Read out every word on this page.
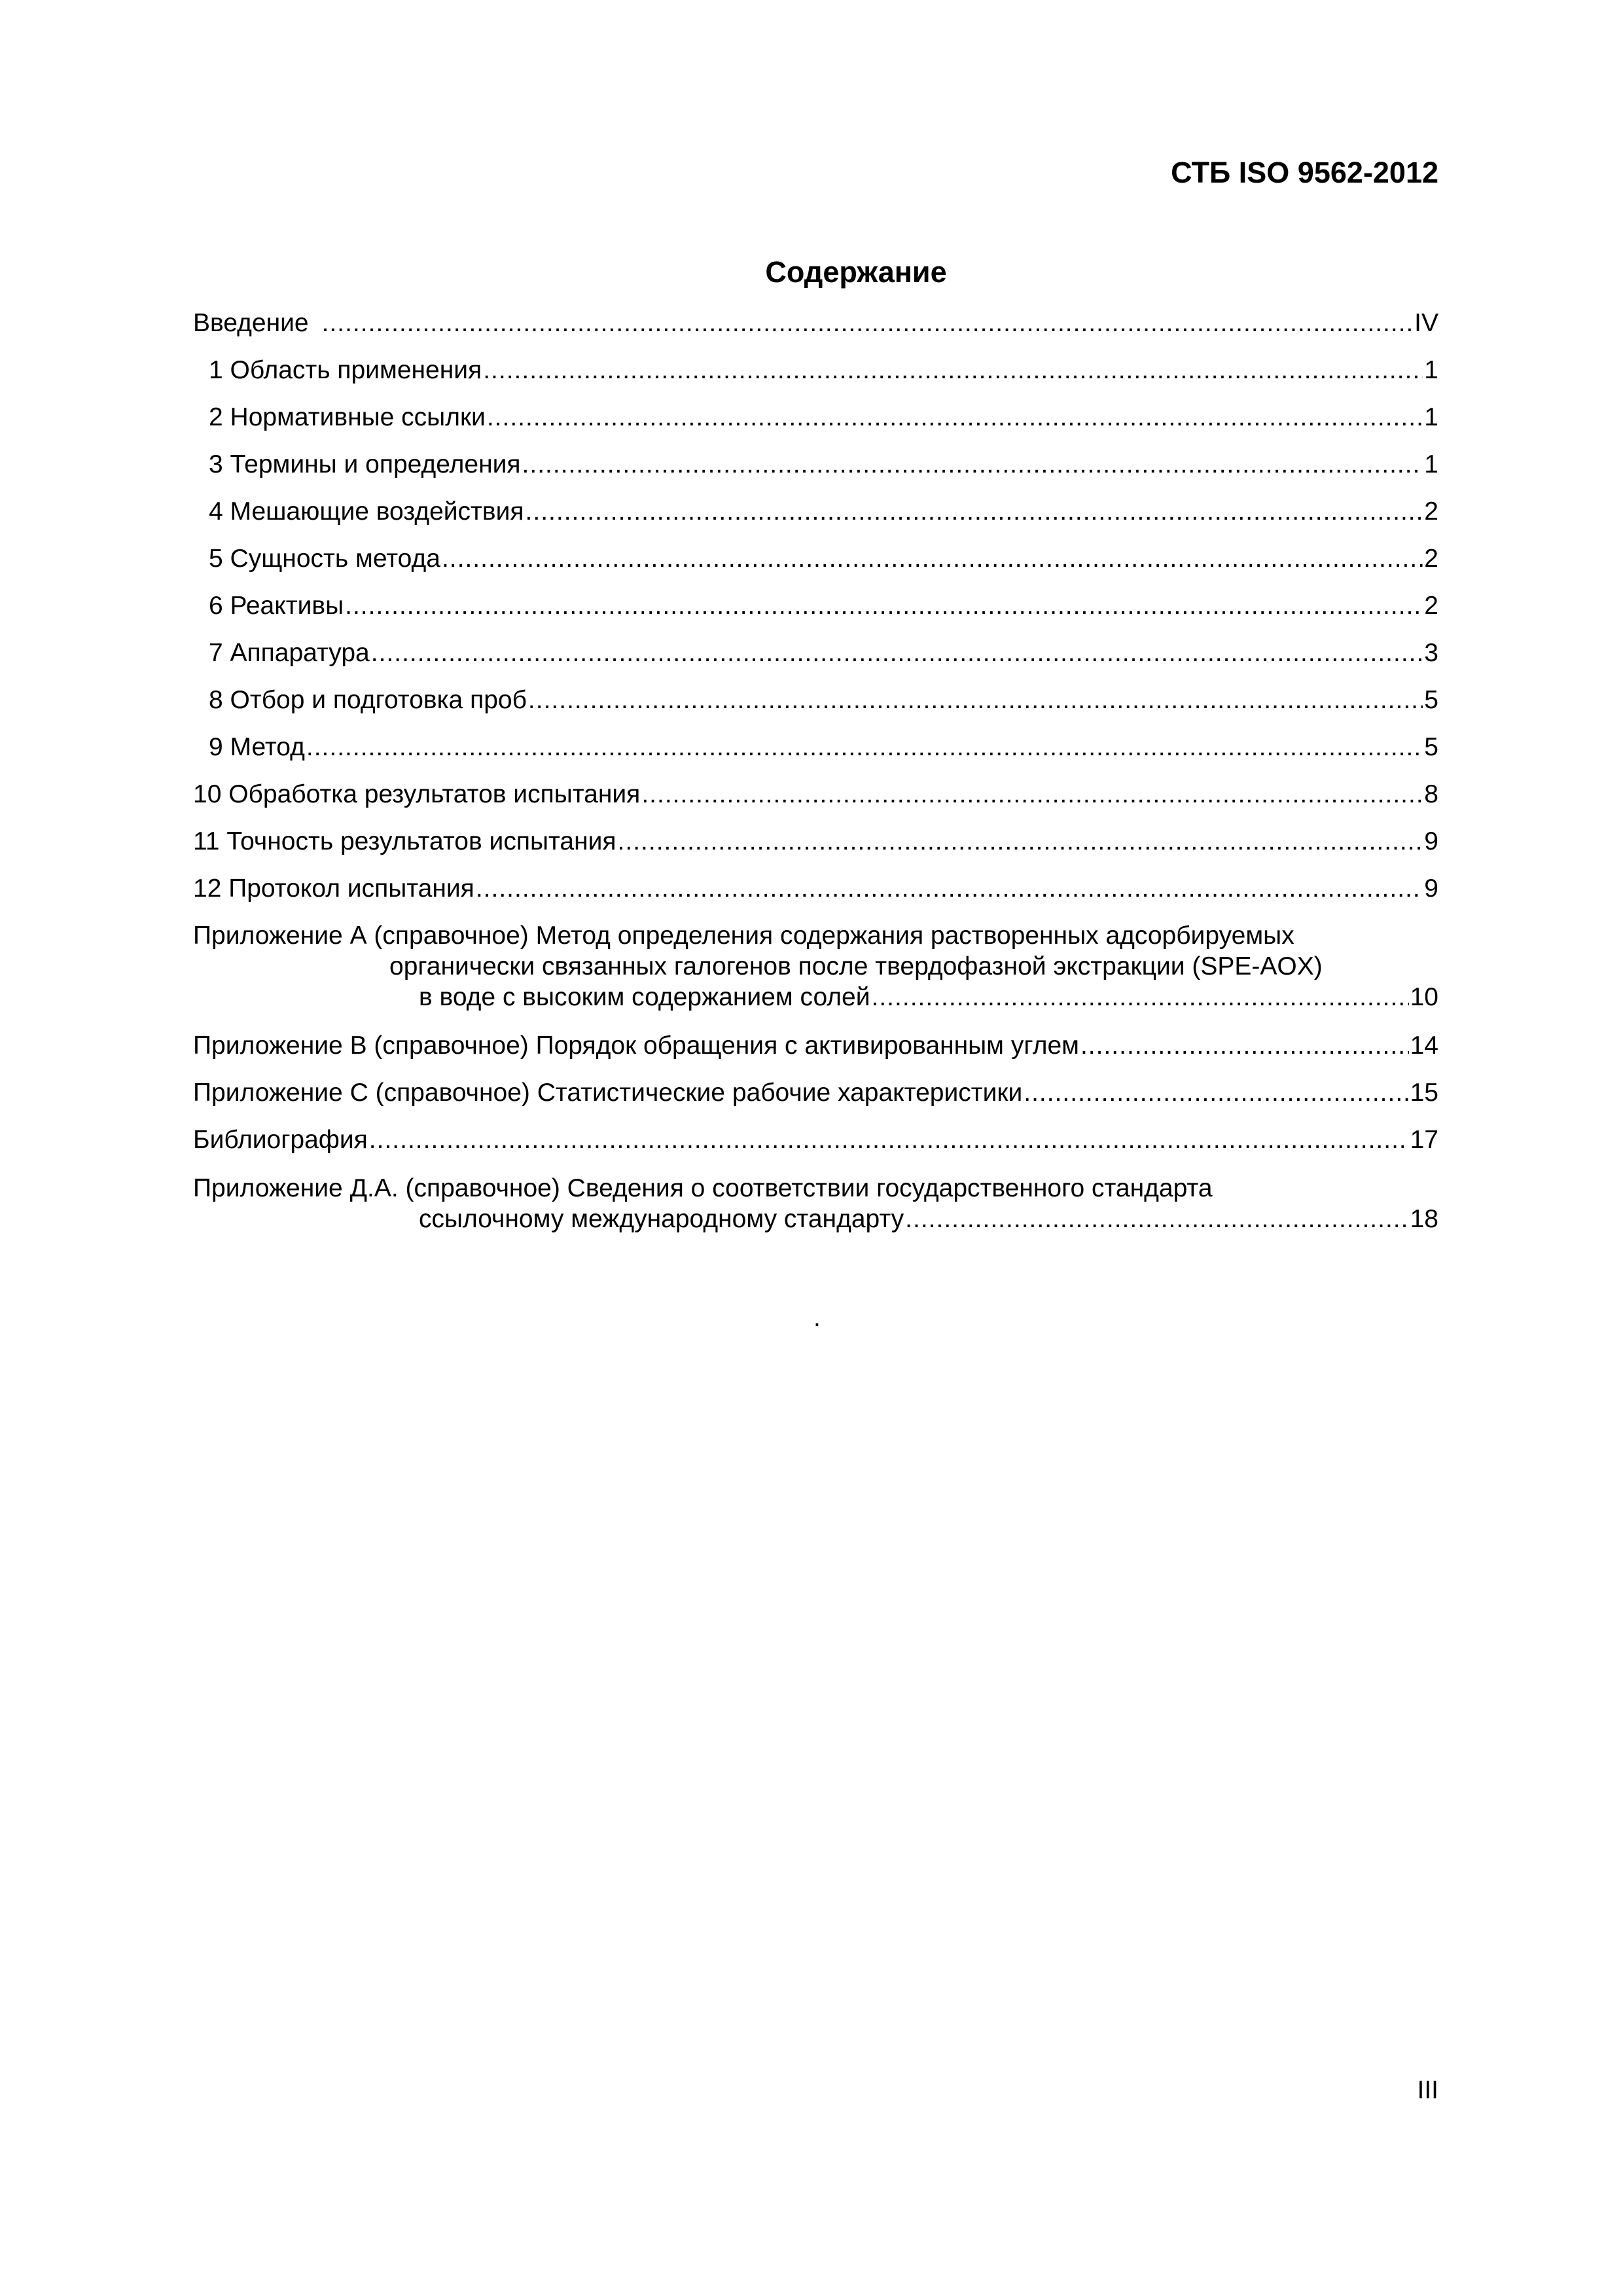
СТБ ISO 9562-2012
Содержание
Введение .....	IV
1 Область применения .....	1
2 Нормативные ссылки .....	1
3 Термины и определения .....	1
4 Мешающие воздействия .....	2
5 Сущность метода .....	2
6 Реактивы .....	2
7 Аппаратура .....	3
8 Отбор и подготовка проб .....	5
9 Метод .....	5
10 Обработка результатов испытания .....	8
11 Точность результатов испытания .....	9
12 Протокол испытания .....	9
Приложение А (справочное) Метод определения содержания растворенных адсорбируемых
органически связанных галогенов после твердофазной экстракции (SPE-AOX)
в воде с высоким содержанием солей .....	10
Приложение В (справочное) Порядок обращения с активированным углем .....	14
Приложение С (справочное) Статистические рабочие характеристики .....	15
Библиография .....	17
Приложение Д.А. (справочное) Сведения о соответствии государственного стандарта
ссылочному международному стандарту .....	18
.
III
